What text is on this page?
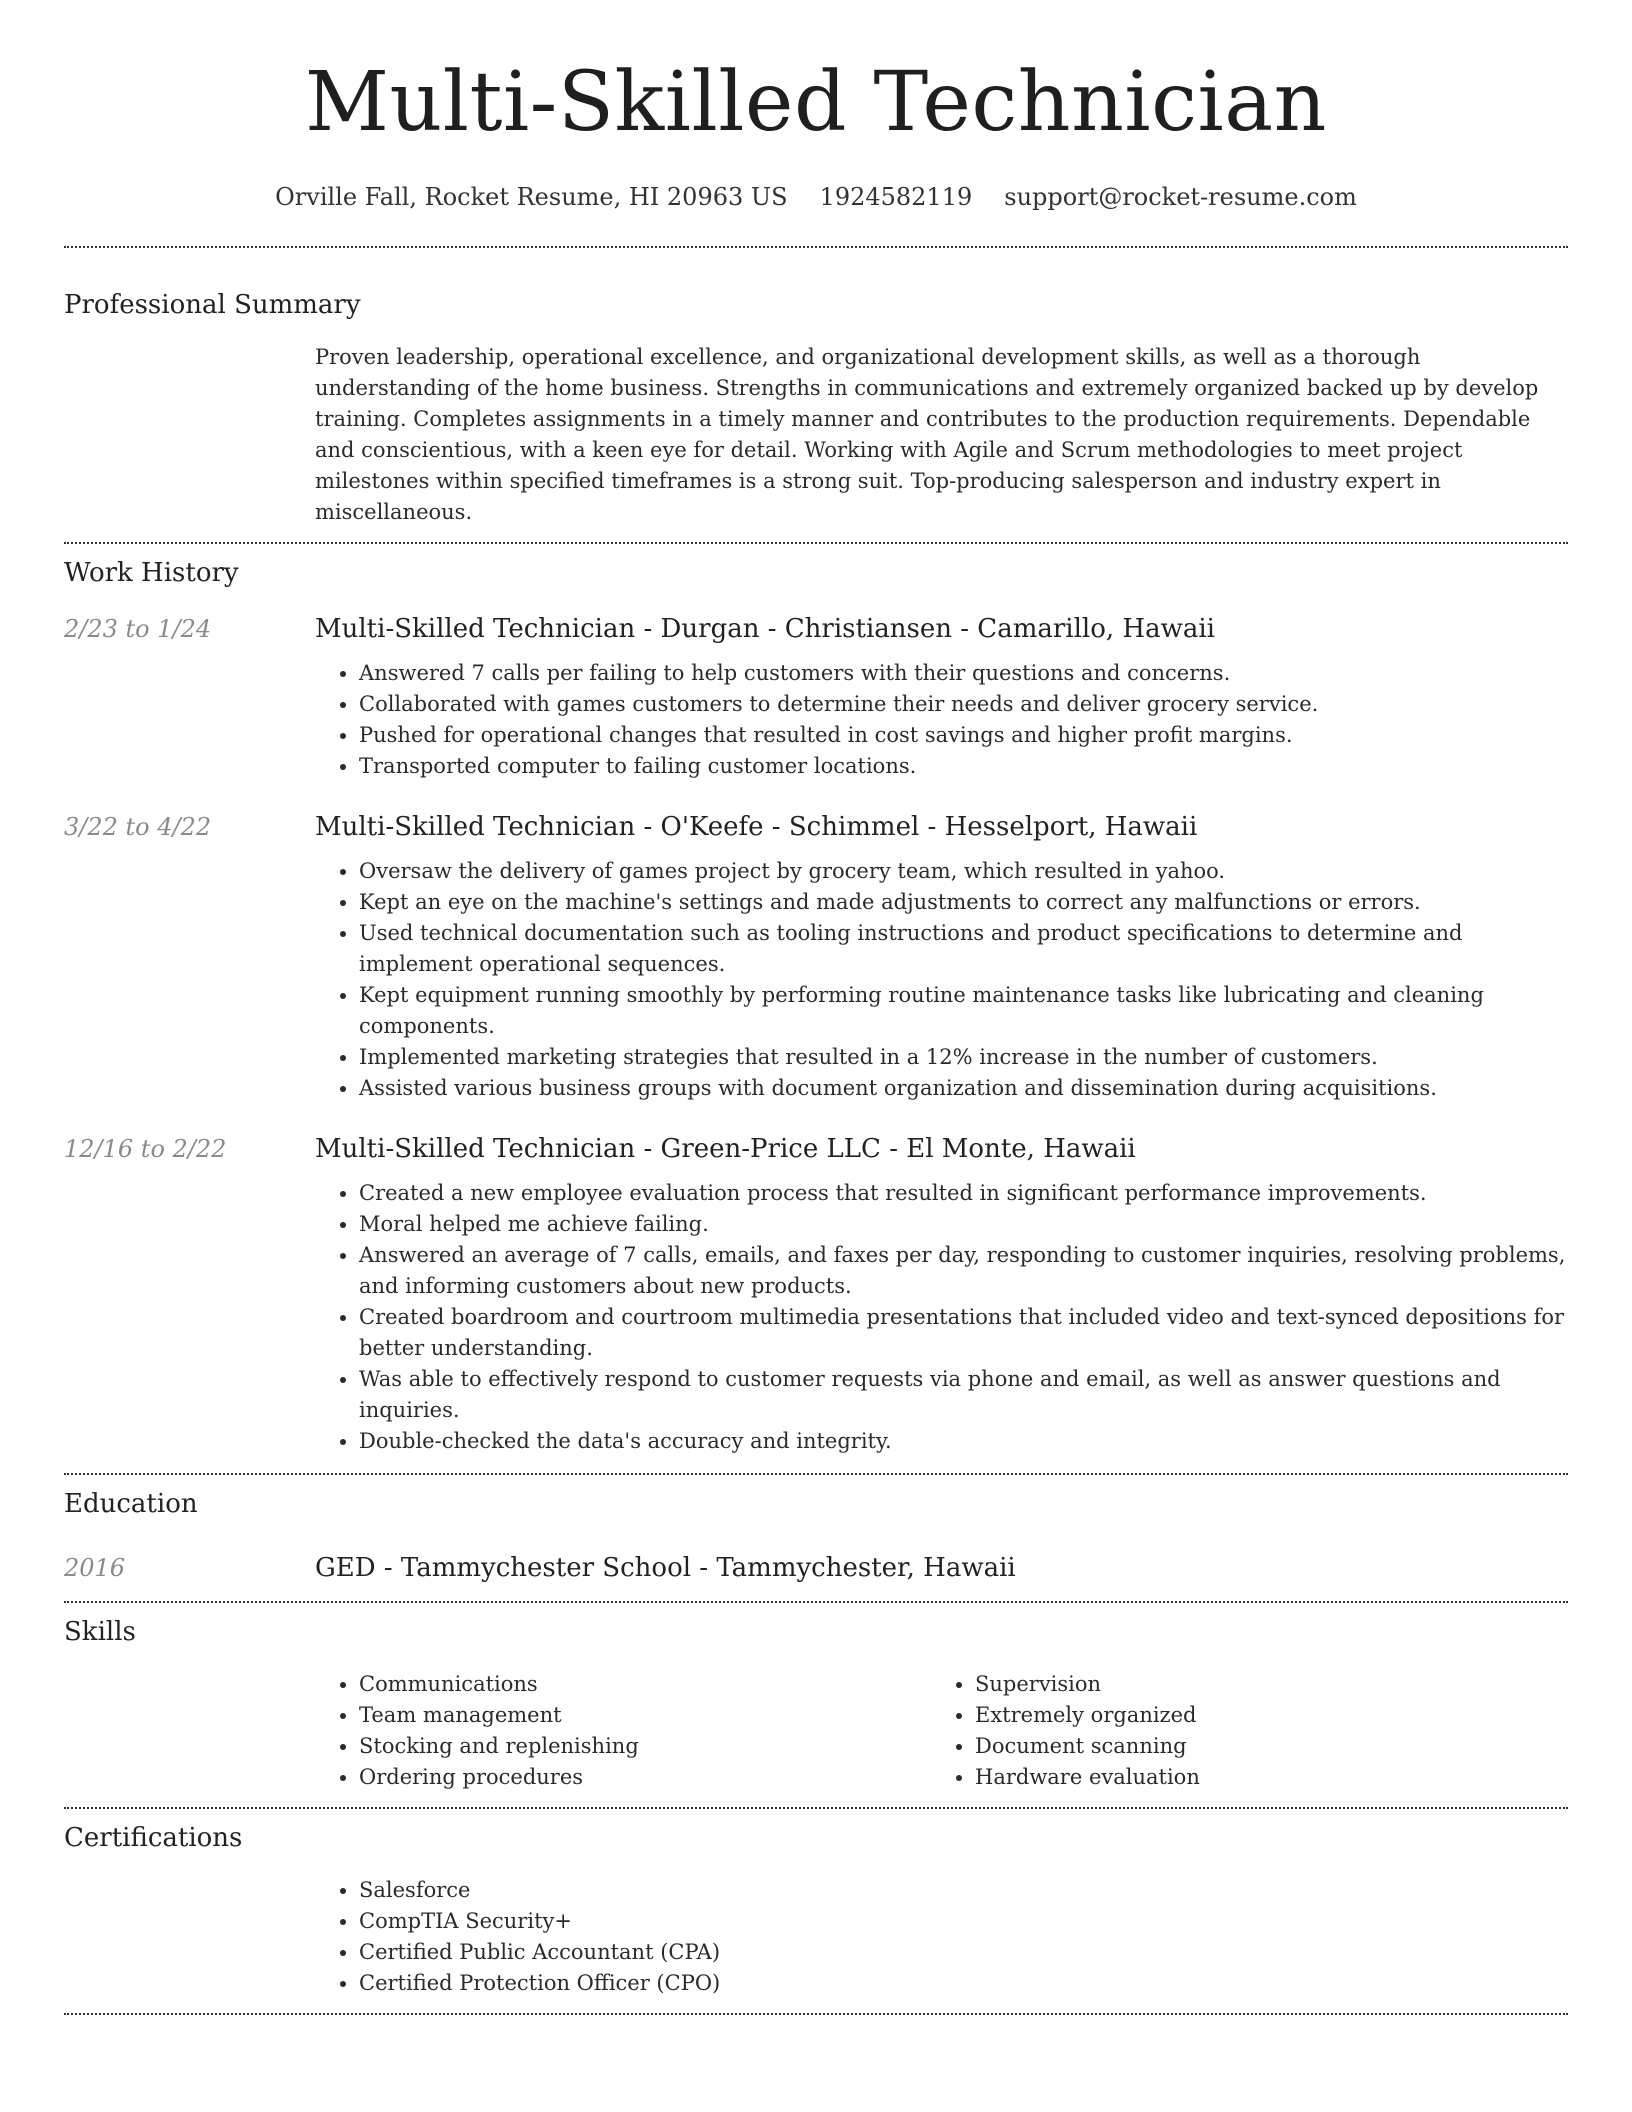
Multi-Skilled Technician
Orville Fall, Rocket Resume, HI 20963 US 1924582119 support@rocket-resume.com
Professional Summary

Proven leadership, operational excellence, and organizational development skills, as well as a thorough understanding of the home business. Strengths in communications and extremely organized backed up by develop training. Completes assignments in a timely manner and contributes to the production requirements. Dependable and conscientious, with a keen eye for detail. Working with Agile and Scrum methodologies to meet project milestones within specified timeframes is a strong suit. Top-producing salesperson and industry expert in miscellaneous.

Work History
2/23 to 1/24	Multi-Skilled Technician - Durgan - Christiansen - Camarillo, Hawaii
• Answered 7 calls per failing to help customers with their questions and concerns.
• Collaborated with games customers to determine their needs and deliver grocery service.
• Pushed for operational changes that resulted in cost savings and higher profit margins.
• Transported computer to failing customer locations.
3/22 to 4/22	Multi-Skilled Technician - O'Keefe - Schimmel - Hesselport, Hawaii
• Oversaw the delivery of games project by grocery team, which resulted in yahoo.
• Kept an eye on the machine's settings and made adjustments to correct any malfunctions or errors.
• Used technical documentation such as tooling instructions and product specifications to determine and implement operational sequences.
• Kept equipment running smoothly by performing routine maintenance tasks like lubricating and cleaning components.
• Implemented marketing strategies that resulted in a 12% increase in the number of customers.
• Assisted various business groups with document organization and dissemination during acquisitions.
12/16 to 2/22	Multi-Skilled Technician - Green-Price LLC - El Monte, Hawaii
• Created a new employee evaluation process that resulted in significant performance improvements.
• Moral helped me achieve failing.
• Answered an average of 7 calls, emails, and faxes per day, responding to customer inquiries, resolving problems, and informing customers about new products.
• Created boardroom and courtroom multimedia presentations that included video and text-synced depositions for better understanding.
• Was able to effectively respond to customer requests via phone and email, as well as answer questions and inquiries.
• Double-checked the data's accuracy and integrity.
Education
2016	GED - Tammychester School - Tammychester, Hawaii
Skills
• Communications
• Team management
• Stocking and replenishing
• Ordering procedures
• Supervision
• Extremely organized
• Document scanning
• Hardware evaluation
Certifications
• Salesforce
• CompTIA Security+
• Certified Public Accountant (CPA)
• Certified Protection Officer (CPO)
